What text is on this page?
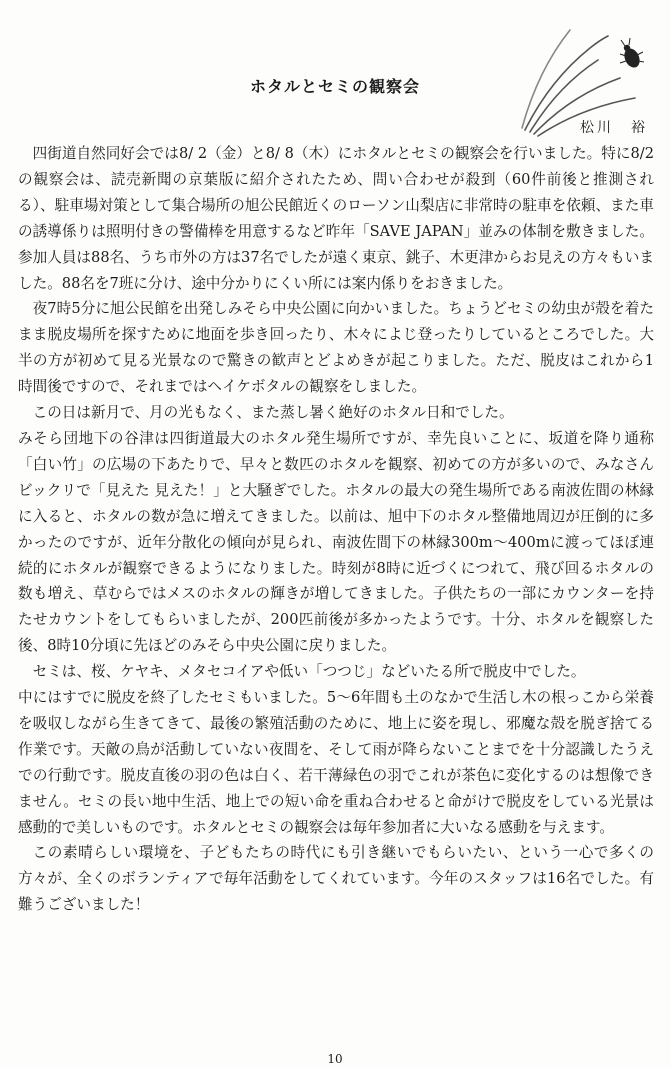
ホタルとセミの観察会
松川　裕

四街道自然同好会では8/ 2（金）と8/ 8（木）にホタルとセミの観察会を行いました。特に8/2の観察会は、読売新聞の京葉版に紹介されたため、問い合わせが殺到（60件前後と推測される）、駐車場対策として集合場所の旭公民館近くのローソン山梨店に非常時の駐車を依頼、また車の誘導係りは照明付きの警備棒を用意するなど昨年「SAVE JAPAN」並みの体制を敷きました。参加人員は88名、うち市外の方は37名でしたが遠く東京、銚子、木更津からお見えの方々もいました。88名を7班に分け、途中分かりにくい所には案内係りをおきました。

夜7時5分に旭公民館を出発しみそら中央公園に向かいました。ちょうどセミの幼虫が殻を着たまま脱皮場所を探すために地面を歩き回ったり、木々によじ登ったりしているところでした。大半の方が初めて見る光景なので驚きの歓声とどよめきが起こりました。ただ、脱皮はこれから1時間後ですので、それまではヘイケボタルの観察をしました。

この日は新月で、月の光もなく、また蒸し暑く絶好のホタル日和でした。

みそら団地下の谷津は四街道最大のホタル発生場所ですが、幸先良いことに、坂道を降り通称「白い竹」の広場の下あたりで、早々と数匹のホタルを観察、初めての方が多いので、みなさんビックリで「見えた 見えた！」と大騒ぎでした。ホタルの最大の発生場所である南波佐間の林縁に入ると、ホタルの数が急に増えてきました。以前は、旭中下のホタル整備地周辺が圧倒的に多かったのですが、近年分散化の傾向が見られ、南波佐間下の林縁300m～400mに渡ってほぼ連続的にホタルが観察できるようになりました。時刻が8時に近づくにつれて、飛び回るホタルの数も増え、草むらではメスのホタルの輝きが増してきました。子供たちの一部にカウンターを持たせカウントをしてもらいましたが、200匹前後が多かったようです。十分、ホタルを観察した後、8時10分頃に先ほどのみそら中央公園に戻りました。

セミは、桜、ケヤキ、メタセコイアや低い「つつじ」などいたる所で脱皮中でした。

中にはすでに脱皮を終了したセミもいました。5～6年間も土のなかで生活し木の根っこから栄養を吸収しながら生きてきて、最後の繁殖活動のために、地上に姿を現し、邪魔な殻を脱ぎ捨てる作業です。天敵の鳥が活動していない夜間を、そして雨が降らないことまでを十分認識したうえでの行動です。脱皮直後の羽の色は白く、若干薄緑色の羽でこれが茶色に変化するのは想像できません。セミの長い地中生活、地上での短い命を重ね合わせると命がけで脱皮をしている光景は感動的で美しいものです。ホタルとセミの観察会は毎年参加者に大いなる感動を与えます。

この素晴らしい環境を、子どもたちの時代にも引き継いでもらいたい、という一心で多くの方々が、全くのボランティアで毎年活動をしてくれています。今年のスタッフは16名でした。有難うございました！

10
